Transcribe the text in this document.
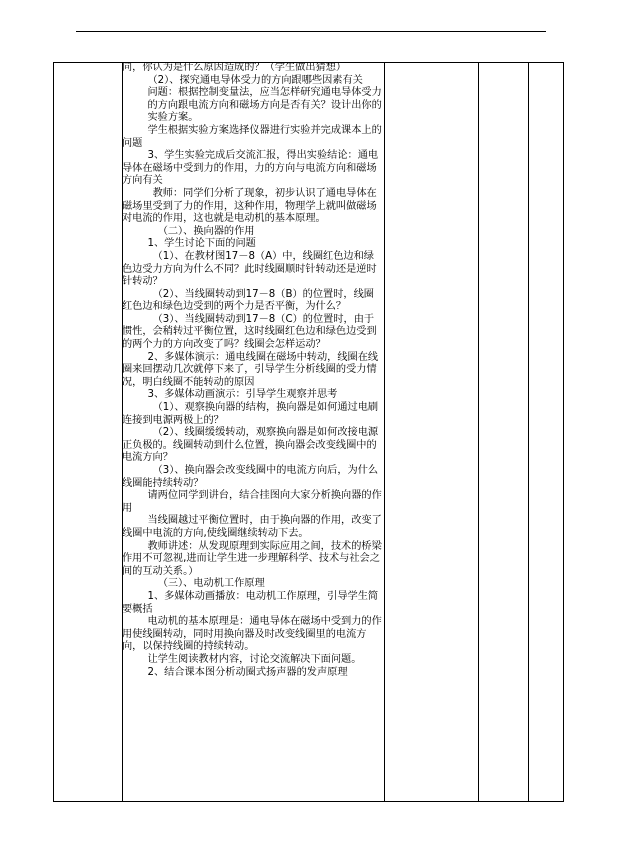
同，你认为是什么原因造成的？（学生做出猜想）

（2）、探究通电导体受力的方向跟哪些因素有关

问题：根据控制变量法，应当怎样研究通电导体受力的方向跟电流方向和磁场方向是否有关？设计出你的实验方案。

学生根据实验方案选择仪器进行实验并完成课本上的问题

3、学生实验完成后交流汇报，得出实验结论：通电导体在磁场中受到力的作用，力的方向与电流方向和磁场方向有关

教师：同学们分析了现象，初步认识了通电导体在磁场里受到了力的作用，这种作用，物理学上就叫做磁场对电流的作用，这也就是电动机的基本原理。

（二）、换向器的作用

1、学生讨论下面的问题

（1）、在教材图17－8（A）中，线圈红色边和绿色边受力方向为什么不同？此时线圈顺时针转动还是逆时针转动？

（2）、当线圈转动到17－8（B）的位置时，线圈红色边和绿色边受到的两个力是否平衡，为什么？

（3）、当线圈转动到17－8（C）的位置时，由于惯性，会稍转过平衡位置，这时线圈红色边和绿色边受到的两个力的方向改变了吗？线圈会怎样运动？

2、多媒体演示：通电线圈在磁场中转动，线圈在线圈来回摆动几次就停下来了，引导学生分析线圈的受力情况，明白线圈不能转动的原因

3、多媒体动画演示：引导学生观察并思考

（1）、观察换向器的结构，换向器是如何通过电刷连接到电源两极上的？

（2）、线圈缓缓转动，观察换向器是如何改接电源正负极的。线圈转动到什么位置，换向器会改变线圈中的电流方向？

（3）、换向器会改变线圈中的电流方向后，为什么线圈能持续转动？

请两位同学到讲台，结合挂图向大家分析换向器的作用

当线圈越过平衡位置时，由于换向器的作用，改变了线圈中电流的方向,使线圈继续转动下去。

教师讲述：从发现原理到实际应用之间，技术的桥梁作用不可忽视,进而让学生进一步理解科学、技术与社会之间的互动关系。）

（三）、电动机工作原理

1、多媒体动画播放：电动机工作原理，引导学生简要概括

电动机的基本原理是：通电导体在磁场中受到力的作用使线圈转动，同时用换向器及时改变线圈里的电流方向，以保持线圈的持续转动。

让学生阅读教材内容，讨论交流解决下面问题。

2、结合课本图分析动圈式扬声器的发声原理
